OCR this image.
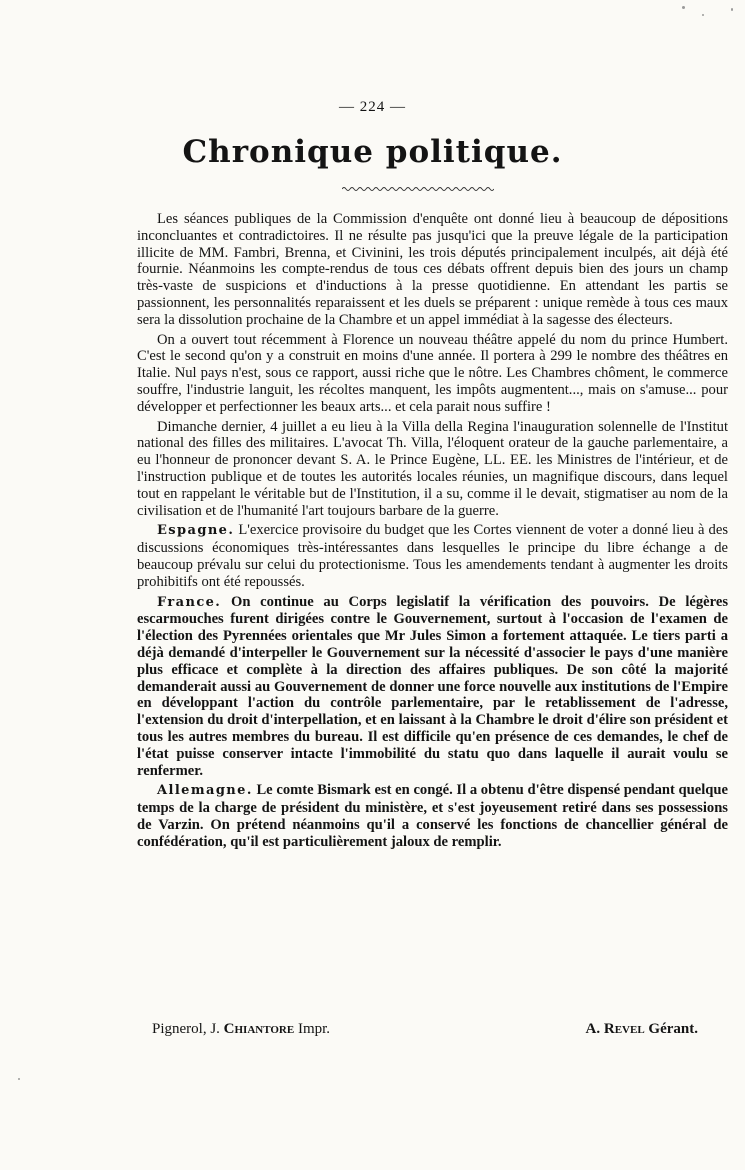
— 224 —
Chronique politique.

Les séances publiques de la Commission d'enquête ont donné lieu à beaucoup de dépositions inconcluantes et contradictoires. Il ne résulte pas jusqu'ici que la preuve légale de la participation illicite de MM. Fambri, Brenna, et Civinini, les trois députés principalement inculpés, ait déjà été fournie. Néanmoins les compte-rendus de tous ces débats offrent depuis bien des jours un champ très-vaste de suspicions et d'inductions à la presse quotidienne. En attendant les partis se passionnent, les personnalités reparaissent et les duels se préparent : unique remède à tous ces maux sera la dissolution prochaine de la Chambre et un appel immédiat à la sagesse des électeurs.

On a ouvert tout récemment à Florence un nouveau théâtre appelé du nom du prince Humbert. C'est le second qu'on y a construit en moins d'une année. Il portera à 299 le nombre des théâtres en Italie. Nul pays n'est, sous ce rapport, aussi riche que le nôtre. Les Chambres chôment, le commerce souffre, l'industrie languit, les récoltes manquent, les impôts augmentent..., mais on s'amuse... pour développer et perfectionner les beaux arts... et cela parait nous suffire !

Dimanche dernier, 4 juillet a eu lieu à la Villa della Regina l'inauguration solennelle de l'Institut national des filles des militaires. L'avocat Th. Villa, l'éloquent orateur de la gauche parlementaire, a eu l'honneur de prononcer devant S. A. le Prince Eugène, LL. EE. les Ministres de l'intérieur, et de l'instruction publique et de toutes les autorités locales réunies, un magnifique discours, dans lequel tout en rappelant le véritable but de l'Institution, il a su, comme il le devait, stigmatiser au nom de la civilisation et de l'humanité l'art toujours barbare de la guerre.

Espagne. L'exercice provisoire du budget que les Cortes viennent de voter a donné lieu à des discussions économiques très-intéressantes dans lesquelles le principe du libre échange a de beaucoup prévalu sur celui du protectionisme. Tous les amendements tendant à augmenter les droits prohibitifs ont été repoussés.

France. On continue au Corps legislatif la vérification des pouvoirs. De légères escarmouches furent dirigées contre le Gouvernement, surtout à l'occasion de l'examen de l'élection des Pyrennées orientales que Mr Jules Simon a fortement attaquée. Le tiers parti a déjà demandé d'interpeller le Gouvernement sur la nécessité d'associer le pays d'une manière plus efficace et complète à la direction des affaires publiques. De son côté la majorité demanderait aussi au Gouvernement de donner une force nouvelle aux institutions de l'Empire en développant l'action du contrôle parlementaire, par le retablissement de l'adresse, l'extension du droit d'interpellation, et en laissant à la Chambre le droit d'élire son président et tous les autres membres du bureau. Il est difficile qu'en présence de ces demandes, le chef de l'état puisse conserver intacte l'immobilité du statu quo dans laquelle il aurait voulu se renfermer.

Allemagne. Le comte Bismark est en congé. Il a obtenu d'être dispensé pendant quelque temps de la charge de président du ministère, et s'est joyeusement retiré dans ses possessions de Varzin. On prétend néanmoins qu'il a conservé les fonctions de chancellier général de confédération, qu'il est particulièrement jaloux de remplir.

Pignerol, J. Chiantore Impr.	A. Revel Gérant.
